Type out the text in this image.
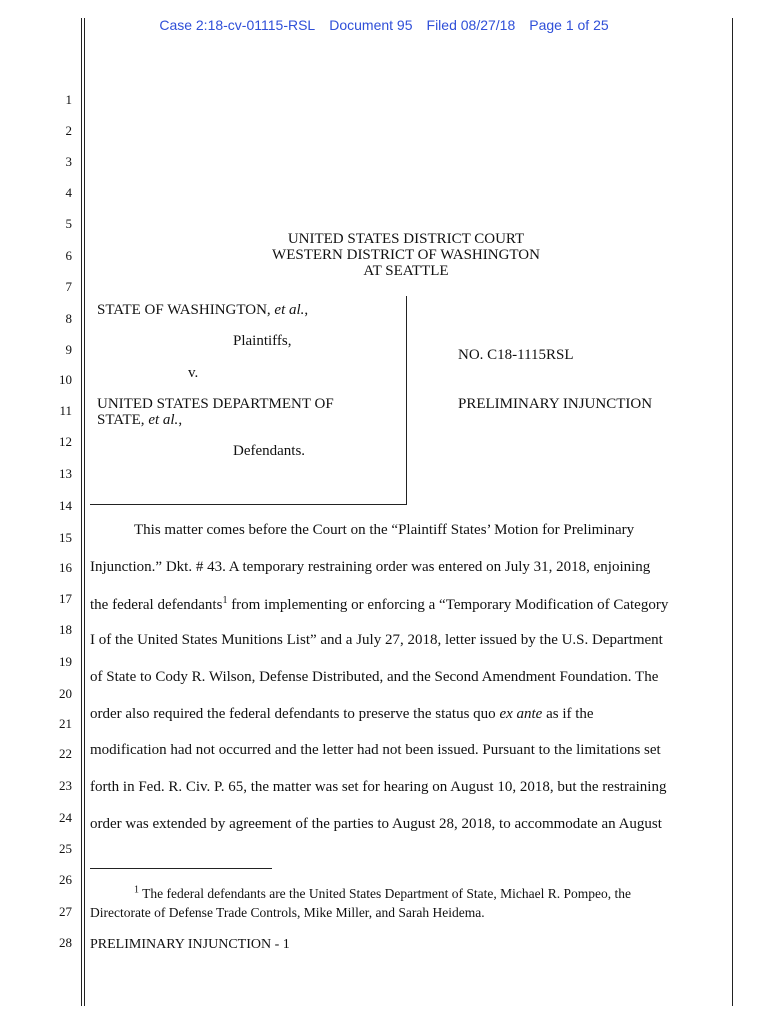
Case 2:18-cv-01115-RSL Document 95 Filed 08/27/18 Page 1 of 25
1
2
3
4
5
6
7
8
9
10
11
12
13
14
15
16
17
18
19
20
21
22
23
24
25
26
27
28
UNITED STATES DISTRICT COURT
WESTERN DISTRICT OF WASHINGTON
AT SEATTLE
STATE OF WASHINGTON, et al.,
Plaintiffs,
v.
UNITED STATES DEPARTMENT OF
STATE, et al.,
Defendants.
NO. C18-1115RSL
PRELIMINARY INJUNCTION
This matter comes before the Court on the “Plaintiff States’ Motion for Preliminary
Injunction.” Dkt. # 43. A temporary restraining order was entered on July 31, 2018, enjoining
the federal defendants$^1$ from implementing or enforcing a “Temporary Modification of Category
I of the United States Munitions List” and a July 27, 2018, letter issued by the U.S. Department
of State to Cody R. Wilson, Defense Distributed, and the Second Amendment Foundation. The
order also required the federal defendants to preserve the status quo ex ante as if the
modification had not occurred and the letter had not been issued. Pursuant to the limitations set
forth in Fed. R. Civ. P. 65, the matter was set for hearing on August 10, 2018, but the restraining
order was extended by agreement of the parties to August 28, 2018, to accommodate an August
$^1$ The federal defendants are the United States Department of State, Michael R. Pompeo, the
Directorate of Defense Trade Controls, Mike Miller, and Sarah Heidema.
PRELIMINARY INJUNCTION - 1
